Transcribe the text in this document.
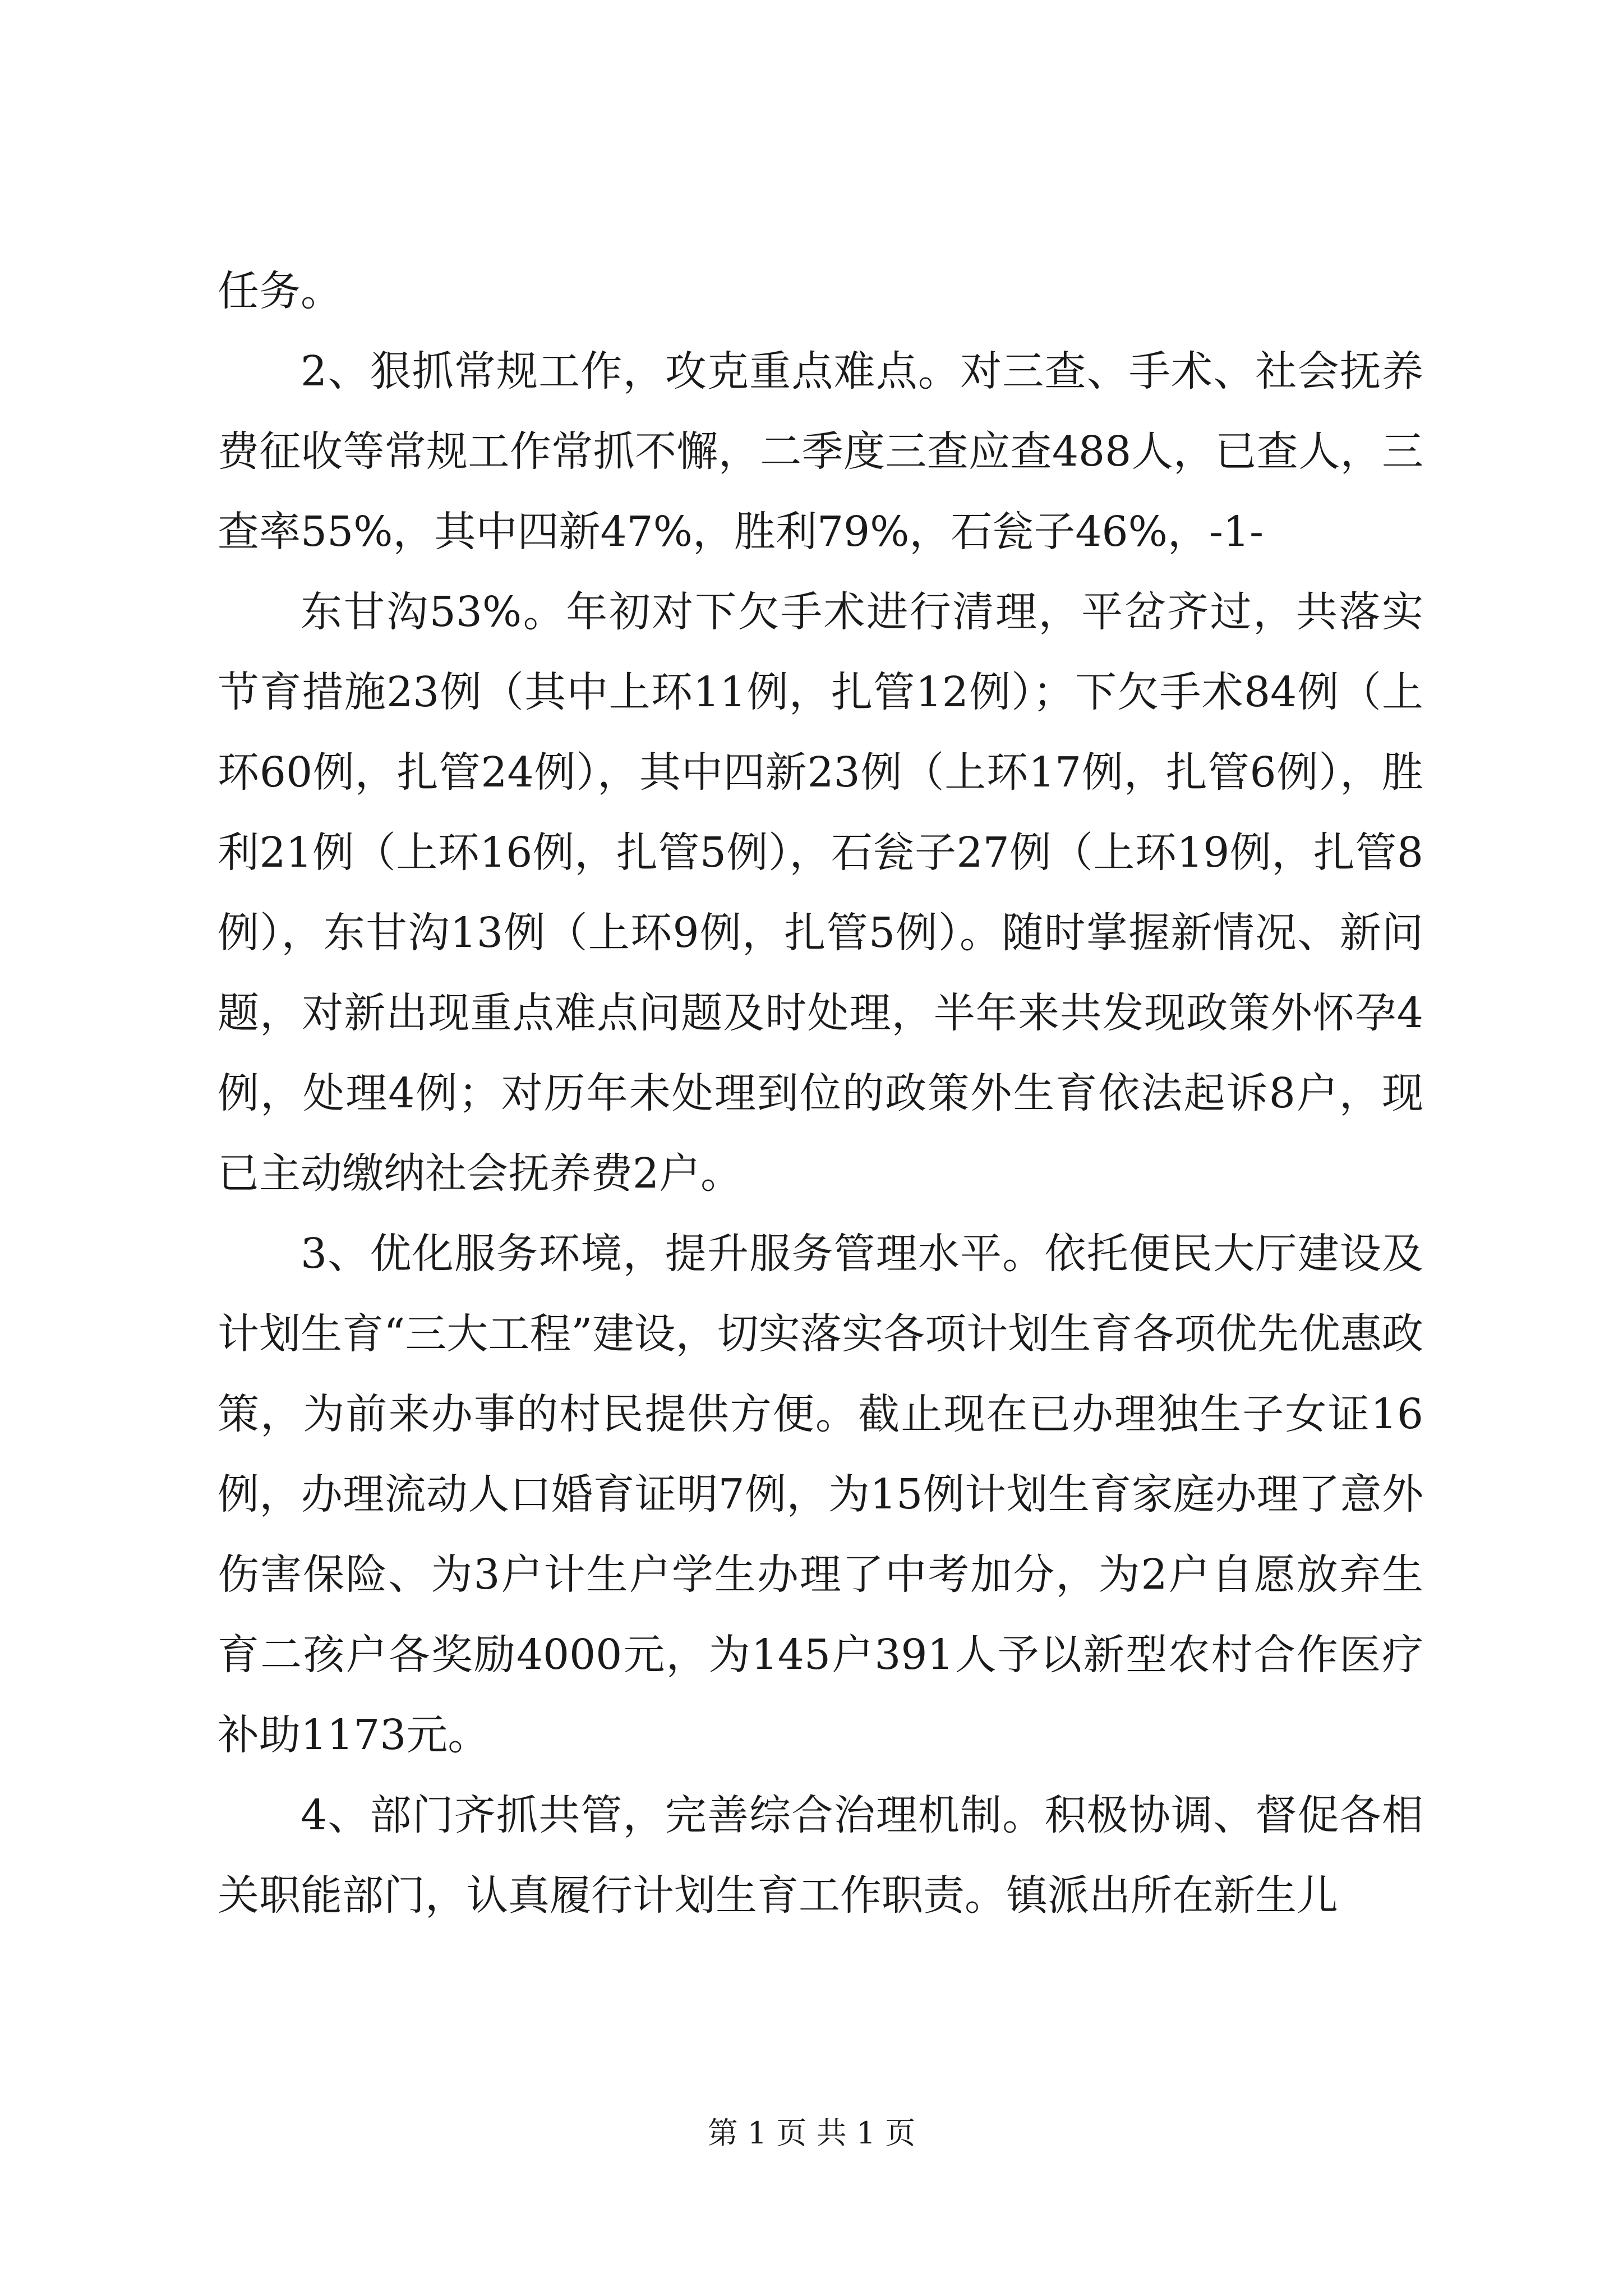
任务。

2、狠抓常规工作，攻克重点难点。对三查、手术、社会抚养费征收等常规工作常抓不懈，二季度三查应查488人，已查人，三查率55%，其中四新47%，胜利79%，石瓮子46%，-1-

东甘沟53%。年初对下欠手术进行清理，平岔齐过，共落实节育措施23例（其中上环11例，扎管12例）；下欠手术84例（上环60例，扎管24例），其中四新23例（上环17例，扎管6例），胜利21例（上环16例，扎管5例），石瓮子27例（上环19例，扎管8例），东甘沟13例（上环9例，扎管5例）。随时掌握新情况、新问题，对新出现重点难点问题及时处理，半年来共发现政策外怀孕4例，处理4例；对历年未处理到位的政策外生育依法起诉8户，现已主动缴纳社会抚养费2户。

3、优化服务环境，提升服务管理水平。依托便民大厅建设及计划生育“三大工程”建设，切实落实各项计划生育各项优先优惠政策，为前来办事的村民提供方便。截止现在已办理独生子女证16例，办理流动人口婚育证明7例，为15例计划生育家庭办理了意外伤害保险、为3户计生户学生办理了中考加分，为2户自愿放弃生育二孩户各奖励4000元，为145户391人予以新型农村合作医疗补助1173元。

4、部门齐抓共管，完善综合治理机制。积极协调、督促各相关职能部门，认真履行计划生育工作职责。镇派出所在新生儿

第 1 页 共 1 页
